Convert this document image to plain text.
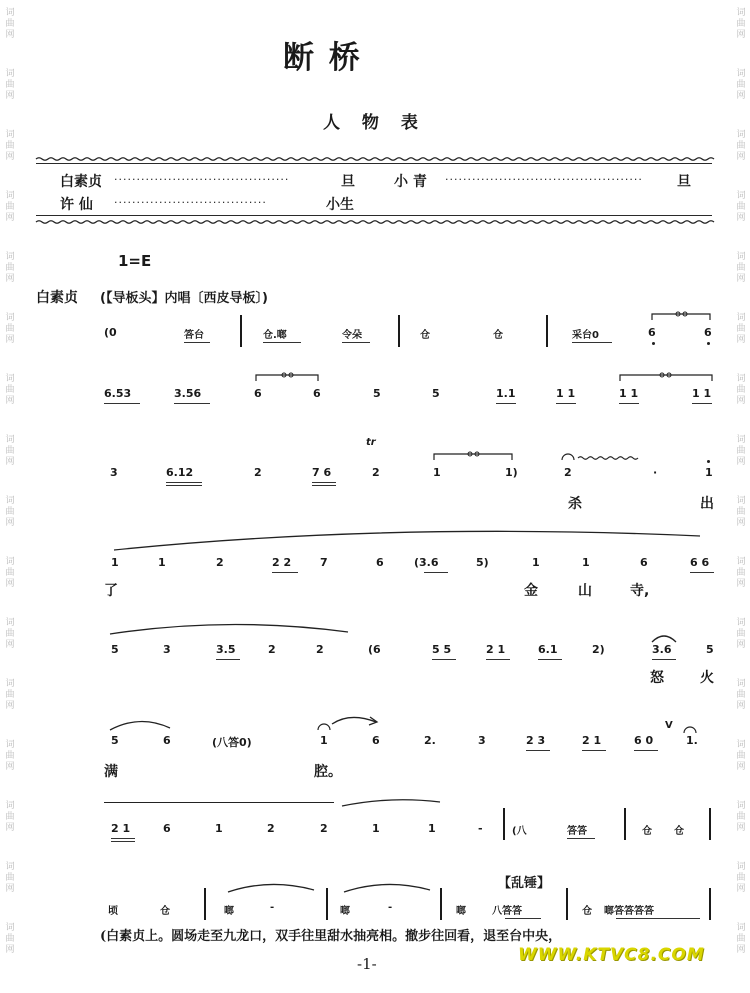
词
曲
网
词
曲
网
词
曲
网
词
曲
网
词
曲
网
词
曲
网
词
曲
网
词
曲
网
词
曲
网
词
曲
网
词
曲
网
词
曲
网
词
曲
网
词
曲
网
词
曲
网
词
曲
网
词
曲
网
词
曲
网
词
曲
网
词
曲
网
词
曲
网
词
曲
网
词
曲
网
词
曲
网
词
曲
网
词
曲
网
词
曲
网
词
曲
网
词
曲
网
词
曲
网
词
曲
网
词
曲
网
断 桥
人 物 表
白素贞 ·······································	旦	小 青 ············································ 旦
许 仙 ··································	小生
1=E
白素贞 (【导板头】内唱〔西皮导板〕)
(0	答台	仓.啷	令朵	仓	仓	采台0	6	6
6.53	3.56	6	6	5	5	1.1	1 1	1 1	1 1
3	6.12	2	7 6
tr
2	1	1)	2	·	1
杀	出
1	1	2	2 2	7	6	(3.6	5)	1	1	6	6 6
了	金	山	寺,
5	3	3.5	2	2	(6	5 5	2 1	6.1	2)	3.6	5
怒	火
5	6	(八答0)	1	6	2.	3	2 3	2 1	6 0
V
1.
满	腔。
2 1	6	1	2	2	1	1	-	(八	答答	仓 仓
【乱锤】
顷	仓	啷	-	啷	-	啷	八答答	仓 啷答答答答
(白素贞上。圆场走至九龙口，双手往里甜水抽亮相。撤步往回看，退至台中央，
-1-	WWW.KTVC8.COM
